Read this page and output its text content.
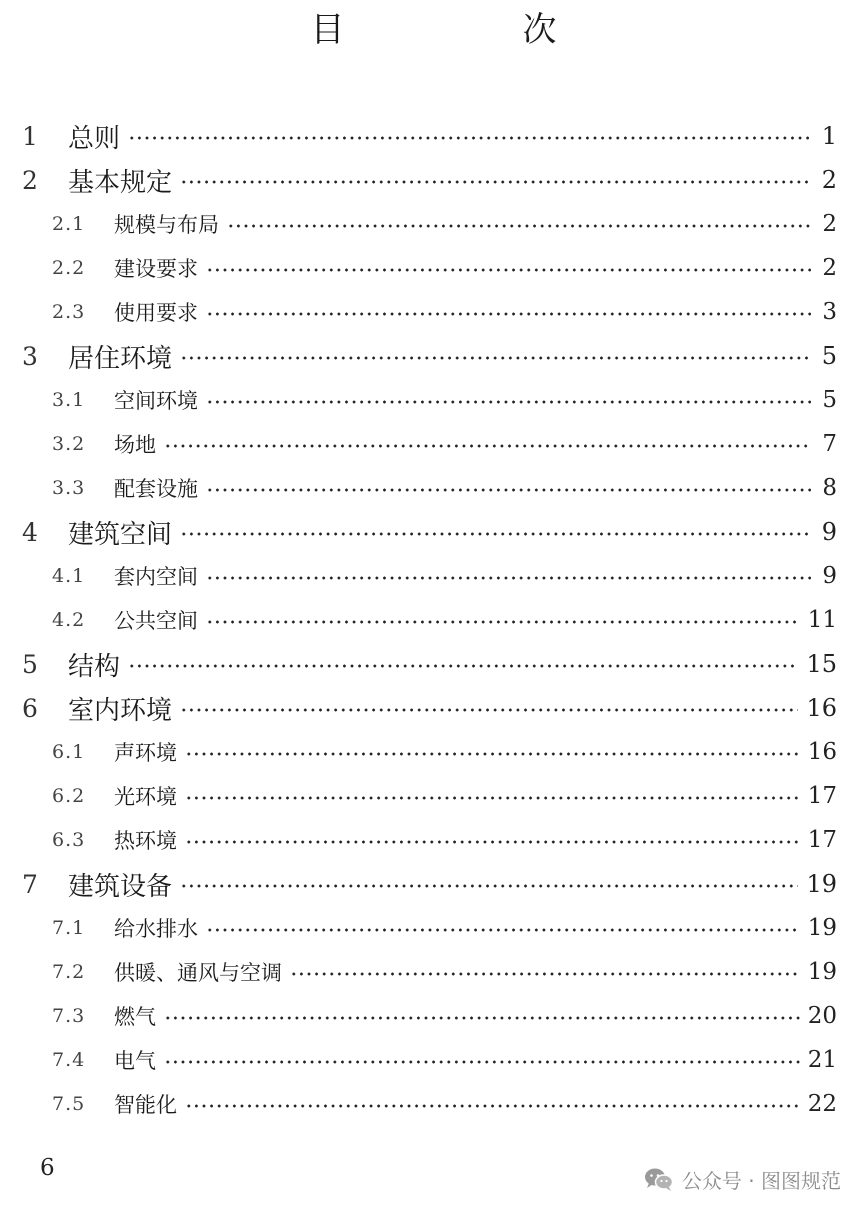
目　次
1	总则	1
2	基本规定	2
2.1	规模与布局	2
2.2	建设要求	2
2.3	使用要求	3
3	居住环境	5
3.1	空间环境	5
3.2	场地	7
3.3	配套设施	8
4	建筑空间	9
4.1	套内空间	9
4.2	公共空间	11
5	结构	15
6	室内环境	16
6.1	声环境	16
6.2	光环境	17
6.3	热环境	17
7	建筑设备	19
7.1	给水排水	19
7.2	供暖、通风与空调	19
7.3	燃气	20
7.4	电气	21
7.5	智能化	22
6	公众号 · 图图规范
